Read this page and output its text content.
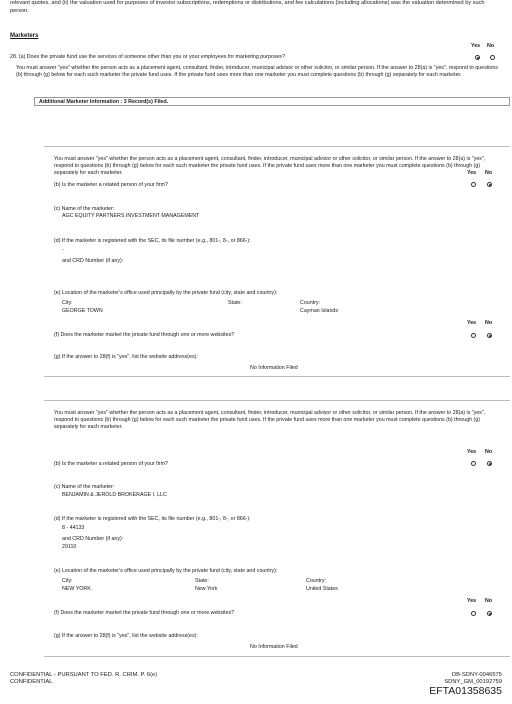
relevant quotes, and (ii) the valuation used for purposes of investor subscriptions, redemptions or distributions, and fee calculations (including allocations) was the valuation determined by such person.
Marketers
Yes No
28. (a) Does the private fund use the services of someone other than you or your employees for marketing purposes?
You must answer "yes" whether the person acts as a placement agent, consultant, finder, introducer, municipal advisor or other solicitor, or similar person. If the answer to 28(a) is "yes", respond to questions (b) through (g) below for each such marketer the private fund uses. If the private fund uses more than one marketer you must complete questions (b) through (g) separately for each marketer.
Additional Marketer Information : 3 Record(s) Filed.
You must answer "yes" whether the person acts as a placement agent, consultant, finder, introducer, municipal advisor or other solicitor, or similar person. If the answer to 28(a) is "yes", respond to questions (b) through (g) below for each such marketer the private fund uses. If the private fund uses more than one marketer you must complete questions (b) through (g) separately for each marketer.	Yes No
(b) Is the marketer a related person of your firm?
(c) Name of the marketer:
AGC EQUITY PARTNERS INVESTMENT MANAGEMENT
(d) If the marketer is registered with the SEC, its file number (e.g., 801-, 8-, or 866-):
-
and CRD Number (if any):
(e) Location of the marketer's office used principally by the private fund (city, state and country):
City:
GEORGE TOWN
State:	Country:
Cayman Islands
Yes No
(f) Does the marketer market the private fund through one or more websites?
(g) If the answer to 28(f) is "yes", list the website address(es):
No Information Filed
You must answer "yes" whether the person acts as a placement agent, consultant, finder, introducer, municipal advisor or other solicitor, or similar person. If the answer to 28(a) is "yes", respond to questions (b) through (g) below for each such marketer the private fund uses. If the private fund uses more than one marketer you must complete questions (b) through (g) separately for each marketer.
Yes No
(b) Is the marketer a related person of your firm?
(c) Name of the marketer:
BENJAMIN & JEROLD BROKERAGE I, LLC
(d) If the marketer is registered with the SEC, its file number (e.g., 801-, 8-, or 866-):
8 - 44133
and CRD Number (if any):
29110
(e) Location of the marketer's office used principally by the private fund (city, state and country):
City:
NEW YORK
State:
New York
Country:
United States
Yes No
(f) Does the marketer market the private fund through one or more websites?
(g) If the answer to 28(f) is "yes", list the website address(es):
No Information Filed
CONFIDENTIAL - PURSUANT TO FED. R. CRIM. P. 6(e)
CONFIDENTIAL
DB-SDNY-0046575
SDNY_GM_00192759
EFTA01358635
